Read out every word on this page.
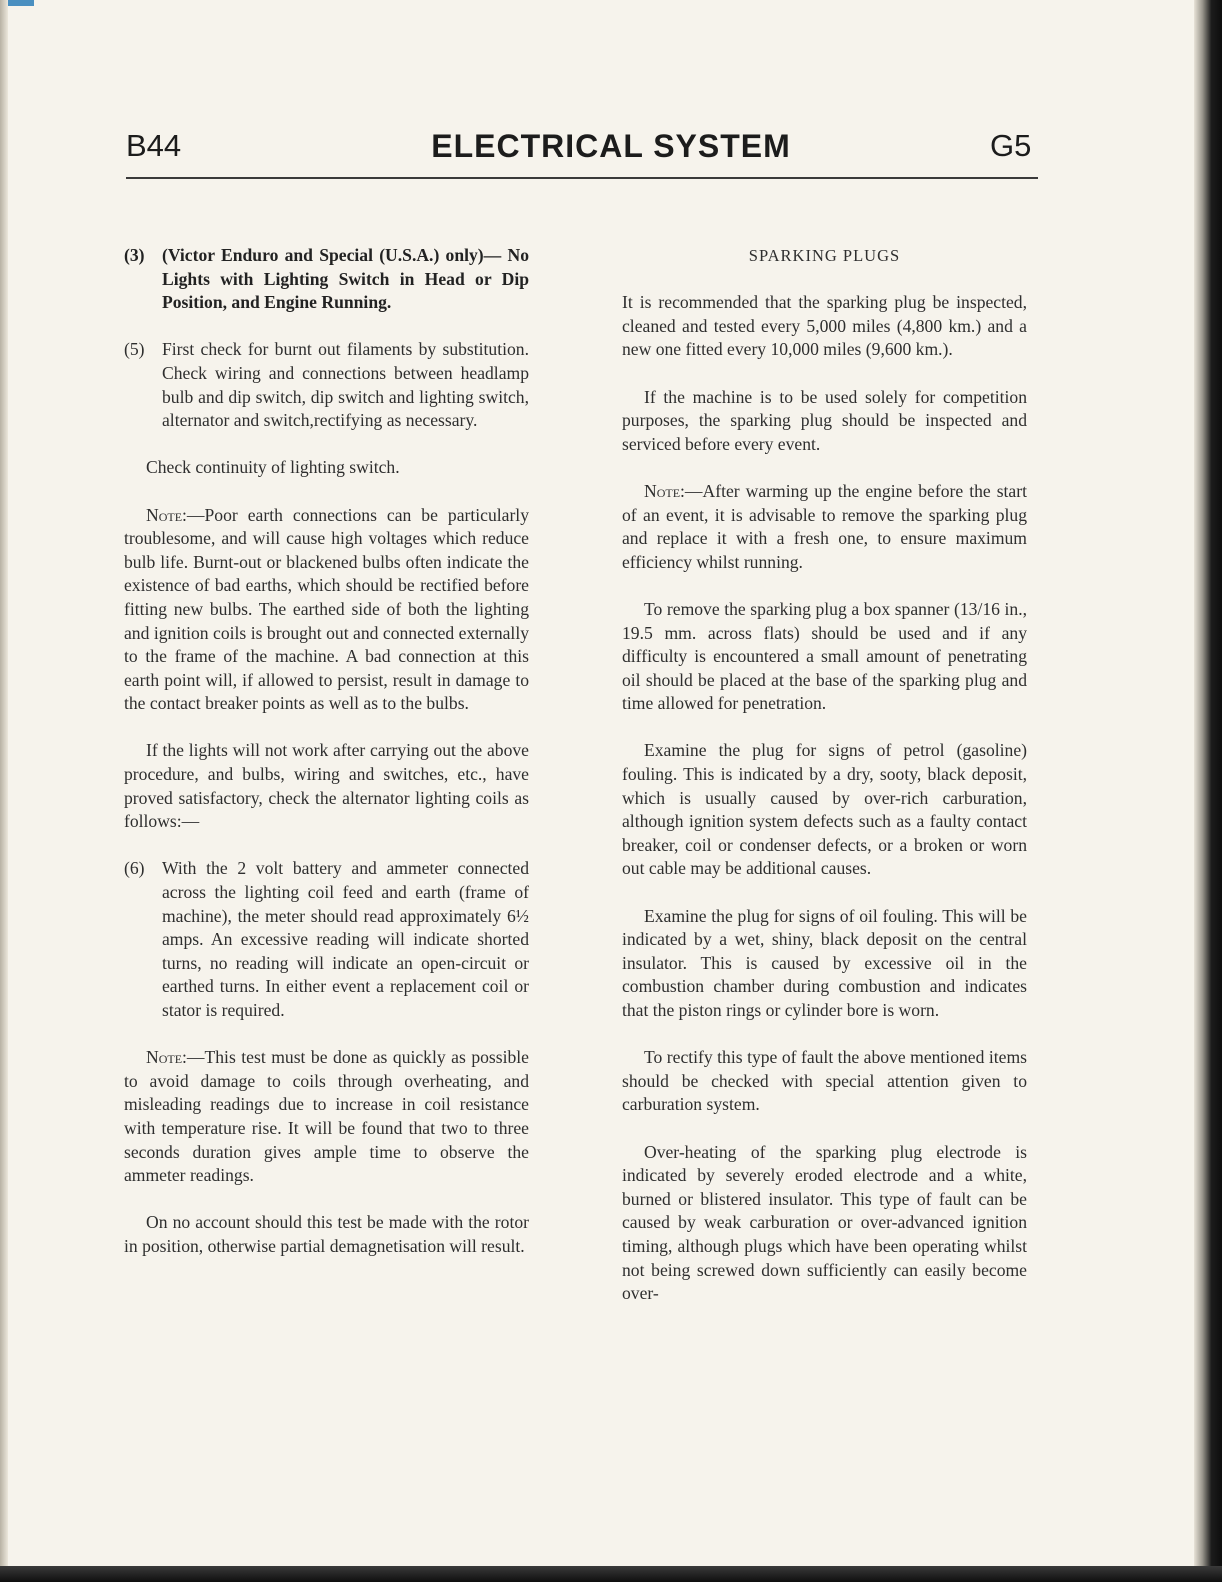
B44	ELECTRICAL SYSTEM	G5
(3) (Victor Enduro and Special (U.S.A.) only)— No Lights with Lighting Switch in Head or Dip Position, and Engine Running.

(5) First check for burnt out filaments by substitution. Check wiring and connections between headlamp bulb and dip switch, dip switch and lighting switch, alternator and switch,rectifying as necessary.

Check continuity of lighting switch.

Note:—Poor earth connections can be particularly troublesome, and will cause high voltages which reduce bulb life. Burnt-out or blackened bulbs often indicate the existence of bad earths, which should be rectified before fitting new bulbs. The earthed side of both the lighting and ignition coils is brought out and connected externally to the frame of the machine. A bad connection at this earth point will, if allowed to persist, result in damage to the contact breaker points as well as to the bulbs.

If the lights will not work after carrying out the above procedure, and bulbs, wiring and switches, etc., have proved satisfactory, check the alternator lighting coils as follows:—

(6) With the 2 volt battery and ammeter connected across the lighting coil feed and earth (frame of machine), the meter should read approximately 6½ amps. An excessive reading will indicate shorted turns, no reading will indicate an open-circuit or earthed turns. In either event a replacement coil or stator is required.

Note:—This test must be done as quickly as possible to avoid damage to coils through overheating, and misleading readings due to increase in coil resistance with temperature rise. It will be found that two to three seconds duration gives ample time to observe the ammeter readings.

On no account should this test be made with the rotor in position, otherwise partial demagnetisation will result.

SPARKING PLUGS

It is recommended that the sparking plug be inspected, cleaned and tested every 5,000 miles (4,800 km.) and a new one fitted every 10,000 miles (9,600 km.).

If the machine is to be used solely for competition purposes, the sparking plug should be inspected and serviced before every event.

Note:—After warming up the engine before the start of an event, it is advisable to remove the sparking plug and replace it with a fresh one, to ensure maximum efficiency whilst running.

To remove the sparking plug a box spanner (13/16 in., 19.5 mm. across flats) should be used and if any difficulty is encountered a small amount of penetrating oil should be placed at the base of the sparking plug and time allowed for penetration.

Examine the plug for signs of petrol (gasoline) fouling. This is indicated by a dry, sooty, black deposit, which is usually caused by over-rich carburation, although ignition system defects such as a faulty contact breaker, coil or condenser defects, or a broken or worn out cable may be additional causes.

Examine the plug for signs of oil fouling. This will be indicated by a wet, shiny, black deposit on the central insulator. This is caused by excessive oil in the combustion chamber during combustion and indicates that the piston rings or cylinder bore is worn.

To rectify this type of fault the above mentioned items should be checked with special attention given to carburation system.

Over-heating of the sparking plug electrode is indicated by severely eroded electrode and a white, burned or blistered insulator. This type of fault can be caused by weak carburation or over-advanced ignition timing, although plugs which have been operating whilst not being screwed down sufficiently can easily become over-
